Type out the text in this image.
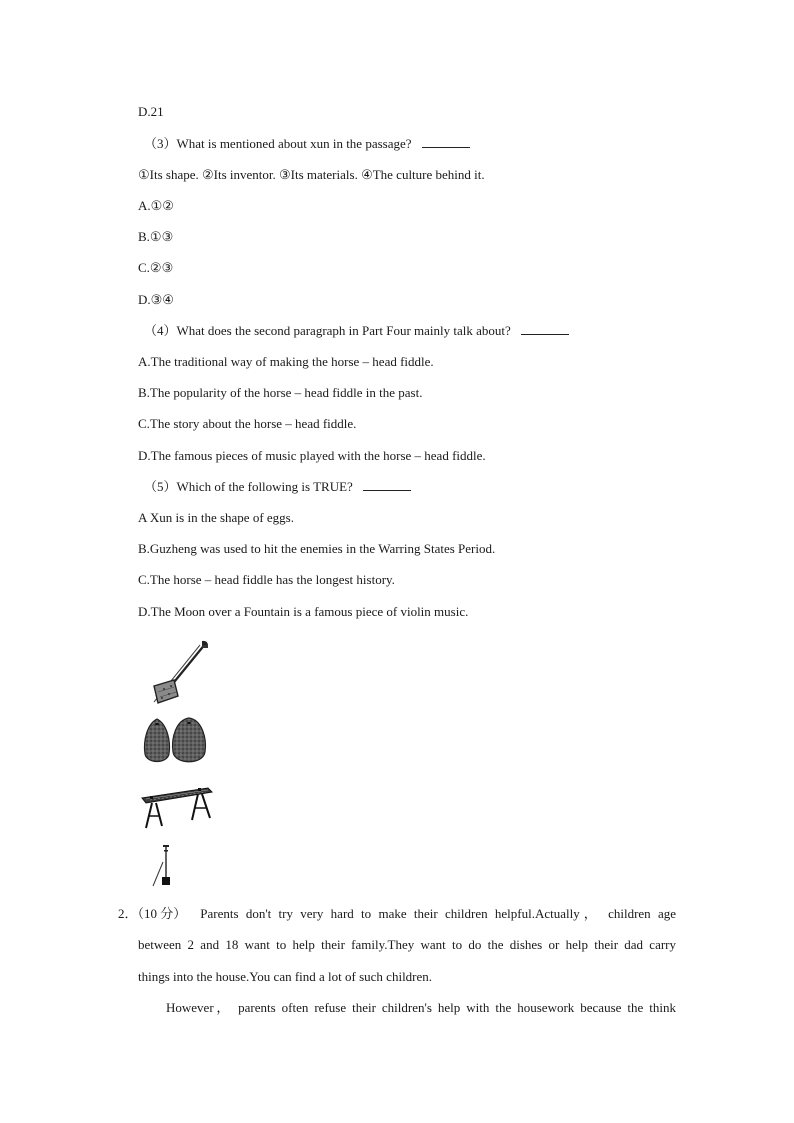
D.21
（3）What is mentioned about xun in the passage?
①Its shape. ②Its inventor. ③Its materials. ④The culture behind it.
A.①②
B.①③
C.②③
D.③④
（4）What does the second paragraph in Part Four mainly talk about?
A.The traditional way of making the horse – head fiddle.
B.The popularity of the horse – head fiddle in the past.
C.The story about the horse – head fiddle.
D.The famous pieces of music played with the horse – head fiddle.
（5）Which of the following is TRUE?
A Xun is in the shape of eggs.
B.Guzheng was used to hit the enemies in the Warring States Period.
C.The horse – head fiddle has the longest history.
D.The Moon over a Fountain is a famous piece of violin music.
2．（10 分） Parents don't try very hard to make their children helpful.Actually， children age
between 2 and 18 want to help their family.They want to do the dishes or help their dad carry
things into the house.You can find a lot of such children.
However， parents often refuse their children's help with the housework because the think
